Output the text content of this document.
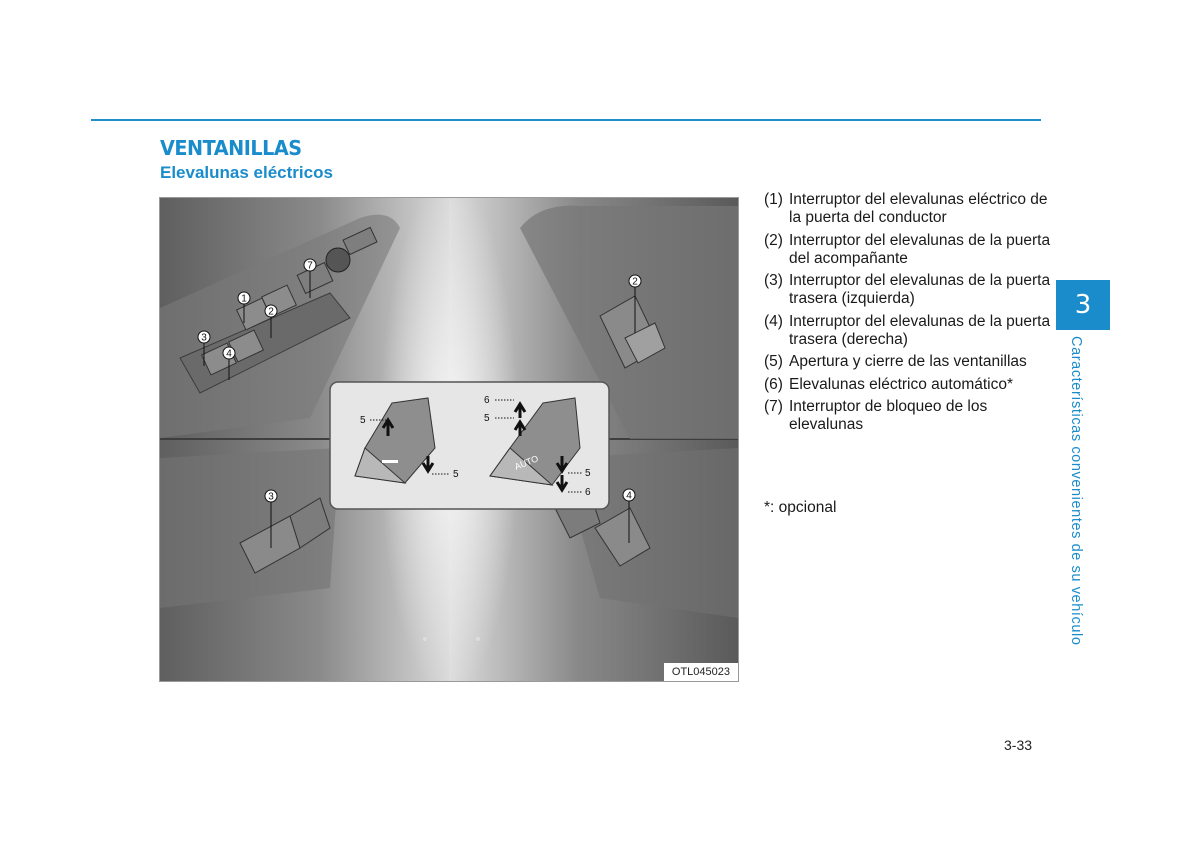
VENTANILLAS
Elevalunas eléctricos
1
2
3
4
7
2
3	4
5
5
AUTO
6
5
5
6
OTL045023
(1) Interruptor del elevalunas eléctrico de la puerta del conductor
(2) Interruptor del elevalunas de la puerta del acompañante
(3) Interruptor del elevalunas de la puerta trasera (izquierda)
(4) Interruptor del elevalunas de la puerta trasera (derecha)
(5) Apertura y cierre de las ventanillas
(6) Elevalunas eléctrico automático*
(7) Interruptor de bloqueo de los elevalunas
*: opcional
3
Características convenientes de su vehículo
3-33
